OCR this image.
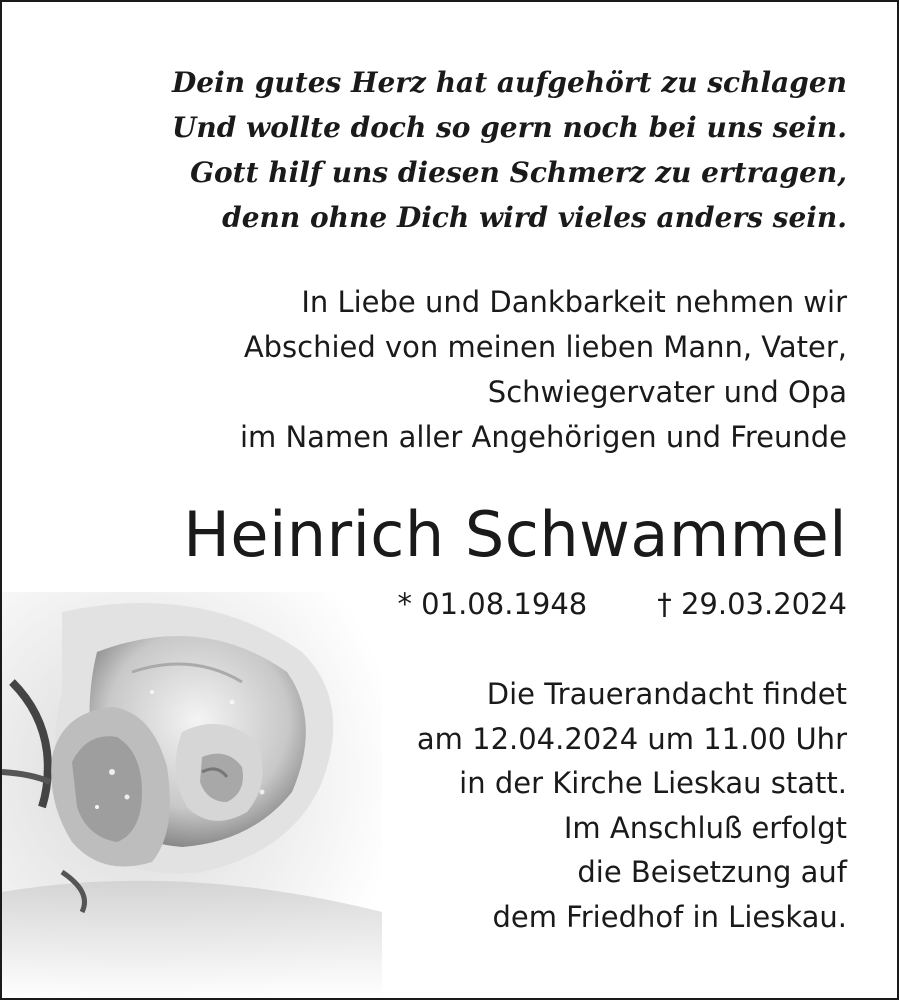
Dein gutes Herz hat aufgehört zu schlagen
Und wollte doch so gern noch bei uns sein.
Gott hilf uns diesen Schmerz zu ertragen,
denn ohne Dich wird vieles anders sein.
In Liebe und Dankbarkeit nehmen wir
Abschied von meinen lieben Mann, Vater,
Schwiegervater und Opa
im Namen aller Angehörigen und Freunde
Heinrich Schwammel
* 01.08.1948 † 29.03.2024
Die Trauerandacht findet
am 12.04.2024 um 11.00 Uhr
in der Kirche Lieskau statt.
Im Anschluß erfolgt
die Beisetzung auf
dem Friedhof in Lieskau.
